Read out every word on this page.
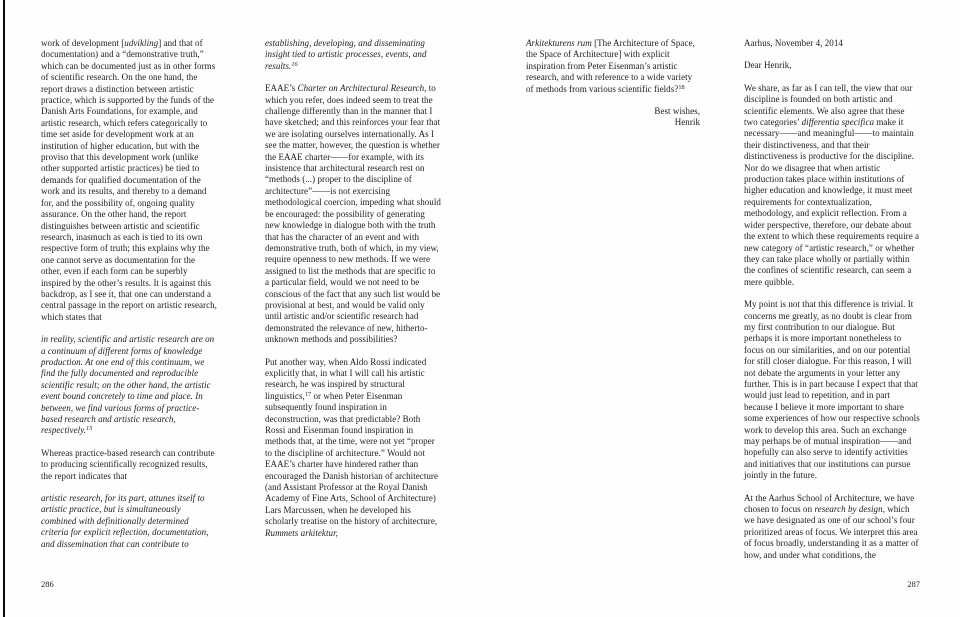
work of development [udvikling] and that of documentation) and a “demonstrative truth,” which can be documented just as in other forms of scientific research. On the one hand, the report draws a distinction between artistic practice, which is supported by the funds of the Danish Arts Foundations, for example, and artistic research, which refers categorically to time set aside for development work at an institution of higher education, but with the proviso that this development work (unlike other supported artistic practices) be tied to demands for qualified documentation of the work and its results, and thereby to a demand for, and the possibility of, ongoing quality assurance. On the other hand, the report distinguishes between artistic and scientific research, inasmuch as each is tied to its own respective form of truth; this explains why the one cannot serve as documentation for the other, even if each form can be superbly inspired by the other’s results. It is against this backdrop, as I see it, that one can understand a central passage in the report on artistic research, which states that

in reality, scientific and artistic research are on a continuum of different forms of knowledge production. At one end of this continuum, we find the fully documented and reproducible scientific result; on the other hand, the artistic event bound concretely to time and place. In between, we find various forms of practice-based research and artistic research, respectively.$^{15}$

Whereas practice-based research can contribute to producing scientifically recognized results, the report indicates that

artistic research, for its part, attunes itself to artistic practice, but is simultaneously combined with definitionally determined criteria for explicit reflection, documentation, and dissemination that can contribute to

establishing, developing, and disseminating insight tied to artistic processes, events, and results.$^{16}$

EAAE’s Charter on Architectural Research, to which you refer, does indeed seem to treat the challenge differently than in the manner that I have sketched; and this reinforces your fear that we are isolating ourselves internationally. As I see the matter, however, the question is whether the EAAE charter——for example, with its insistence that architectural research rest on “methods (...) proper to the discipline of architecture”——is not exercising methodological coercion, impeding what should be encouraged: the possibility of generating new knowledge in dialogue both with the truth that has the character of an event and with demonstrative truth, both of which, in my view, require openness to new methods. If we were assigned to list the methods that are specific to a particular field, would we not need to be conscious of the fact that any such list would be provisional at best, and would be valid only until artistic and/or scientific research had demonstrated the relevance of new, hitherto-unknown methods and possibilities?

Put another way, when Aldo Rossi indicated explicitly that, in what I will call his artistic research, he was inspired by structural linguistics,$^{17}$ or when Peter Eisenman subsequently found inspiration in deconstruction, was that predictable? Both Rossi and Eisenman found inspiration in methods that, at the time, were not yet “proper to the discipline of architecture.” Would not EAAE’s charter have hindered rather than encouraged the Danish historian of architecture (and Assistant Professor at the Royal Danish Academy of Fine Arts, School of Architecture) Lars Marcussen, when he developed his scholarly treatise on the history of architecture, Rummets arkitektur,

Arkitekturens rum [The Architecture of Space, the Space of Architecture] with explicit inspiration from Peter Eisenman’s artistic research, and with reference to a wide variety of methods from various scientific fields?$^{18}$

Best wishes,
Henrik

Aarhus, November 4, 2014

Dear Henrik,

We share, as far as I can tell, the view that our discipline is founded on both artistic and scientific elements. We also agree that these two categories’ differentia specifica make it necessary——and meaningful——to maintain their distinctiveness, and that their distinctiveness is productive for the discipline. Nor do we disagree that when artistic production takes place within institutions of higher education and knowledge, it must meet requirements for contextualization, methodology, and explicit reflection. From a wider perspective, therefore, our debate about the extent to which these requirements require a new category of “artistic research,” or whether they can take place wholly or partially within the confines of scientific research, can seem a mere quibble.

My point is not that this difference is trivial. It concerns me greatly, as no doubt is clear from my first contribution to our dialogue. But perhaps it is more important nonetheless to focus on our similarities, and on our potential for still closer dialogue. For this reason, I will not debate the arguments in your letter any further. This is in part because I expect that that would just lead to repetition, and in part because I believe it more important to share some experiences of how our respective schools work to develop this area. Such an exchange may perhaps be of mutual inspiration——and hopefully can also serve to identify activities and initiatives that our institutions can pursue jointly in the future.

At the Aarhus School of Architecture, we have chosen to focus on research by design, which we have designated as one of our school’s four prioritized areas of focus. We interpret this area of focus broadly, understanding it as a matter of how, and under what conditions, the

286	287
